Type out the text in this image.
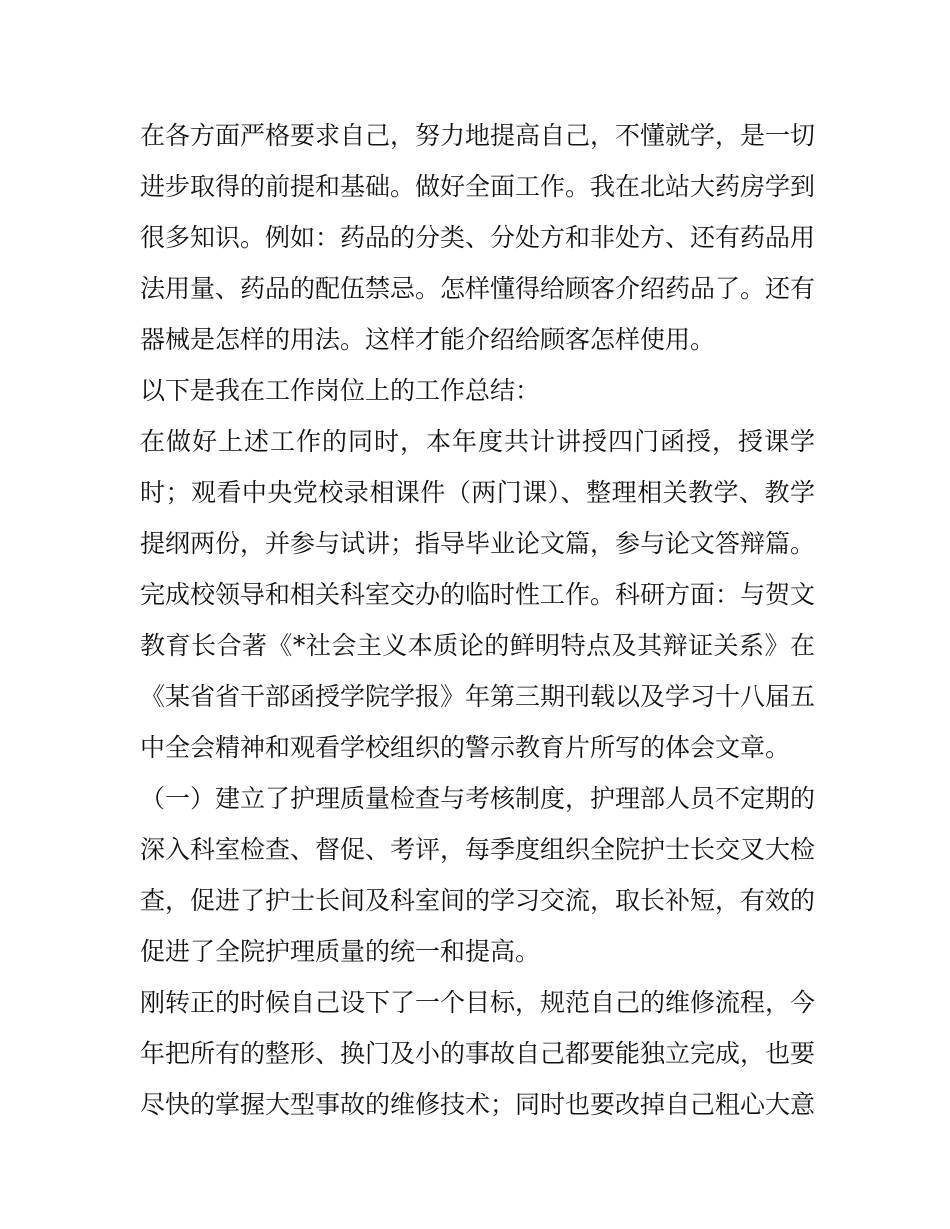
在各方面严格要求自己，努力地提高自己，不懂就学，是一切进步取得的前提和基础。做好全面工作。我在北站大药房学到很多知识。例如：药品的分类、分处方和非处方、还有药品用法用量、药品的配伍禁忌。怎样懂得给顾客介绍药品了。还有器械是怎样的用法。这样才能介绍给顾客怎样使用。

以下是我在工作岗位上的工作总结：

在做好上述工作的同时，本年度共计讲授四门函授，授课学时；观看中央党校录相课件（两门课）、整理相关教学、教学提纲两份，并参与试讲；指导毕业论文篇，参与论文答辩篇。完成校领导和相关科室交办的临时性工作。科研方面：与贺文教育长合著《*社会主义本质论的鲜明特点及其辩证关系》在《某省省干部函授学院学报》年第三期刊载以及学习十八届五中全会精神和观看学校组织的警示教育片所写的体会文章。

（一）建立了护理质量检查与考核制度，护理部人员不定期的深入科室检查、督促、考评，每季度组织全院护士长交叉大检查，促进了护士长间及科室间的学习交流，取长补短，有效的促进了全院护理质量的统一和提高。

刚转正的时候自己设下了一个目标，规范自己的维修流程，今年把所有的整形、换门及小的事故自己都要能独立完成，也要尽快的掌握大型事故的维修技术；同时也要改掉自己粗心大意
